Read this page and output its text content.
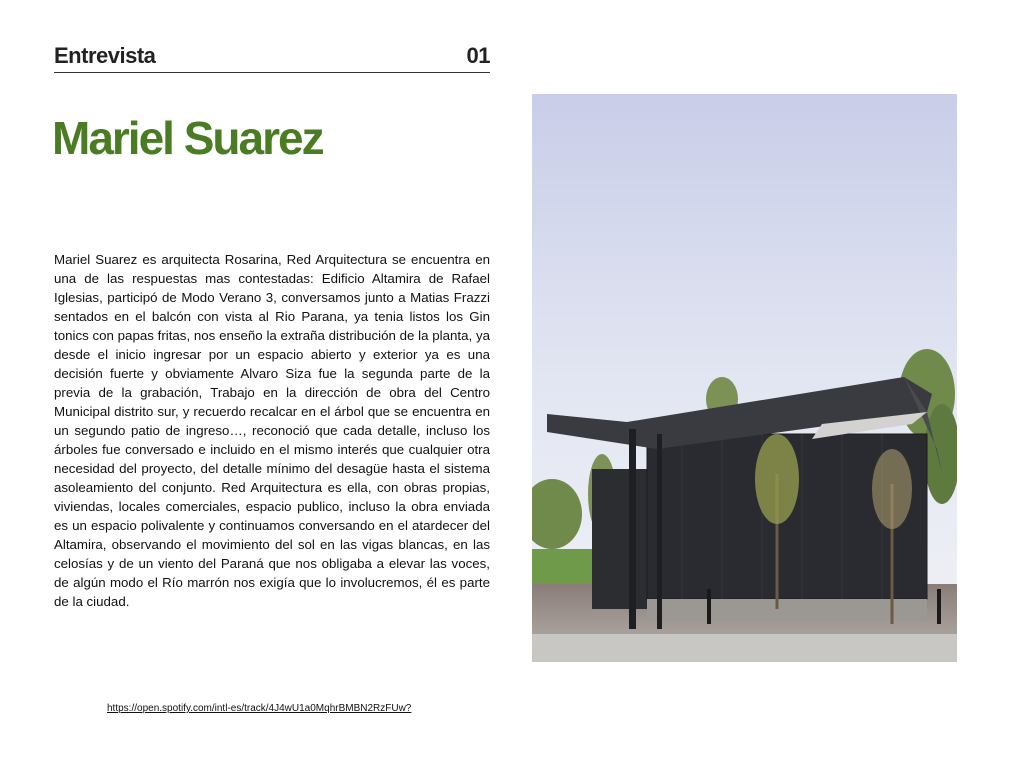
Entrevista	01
Mariel Suarez

Mariel Suarez es arquitecta Rosarina, Red Arquitectura se encuentra en una de las respuestas mas contestadas: Edificio Altamira de Rafael Iglesias, participó de Modo Verano 3, conversamos junto a Matias Frazzi sentados en el balcón con vista al Rio Parana, ya tenia listos los Gin tonics con papas fritas, nos enseño la extraña distribución de la planta, ya desde el inicio ingresar por un espacio abierto y exterior ya es una decisión fuerte y obviamente Alvaro Siza fue la segunda parte de la previa de la grabación, Trabajo en la dirección de obra del Centro Municipal distrito sur, y recuerdo recalcar en el árbol que se encuentra en un segundo patio de ingreso…, reconoció que cada detalle, incluso los árboles fue conversado e incluido en el mismo interés que cualquier otra necesidad del proyecto, del detalle mínimo del desagüe hasta el sistema asoleamiento del conjunto. Red Arquitectura es ella, con obras propias, viviendas, locales comerciales, espacio publico, incluso la obra enviada es un espacio polivalente y continuamos conversando en el atardecer del Altamira, observando el movimiento del sol en las vigas blancas, en las celosías y de un viento del Paraná que nos obligaba a elevar las voces, de algún modo el Río marrón nos exigía que lo involucremos, él es parte de la ciudad.

https://open.spotify.com/intl-es/track/4J4wU1a0MqhrBMBN2RzFUw?
